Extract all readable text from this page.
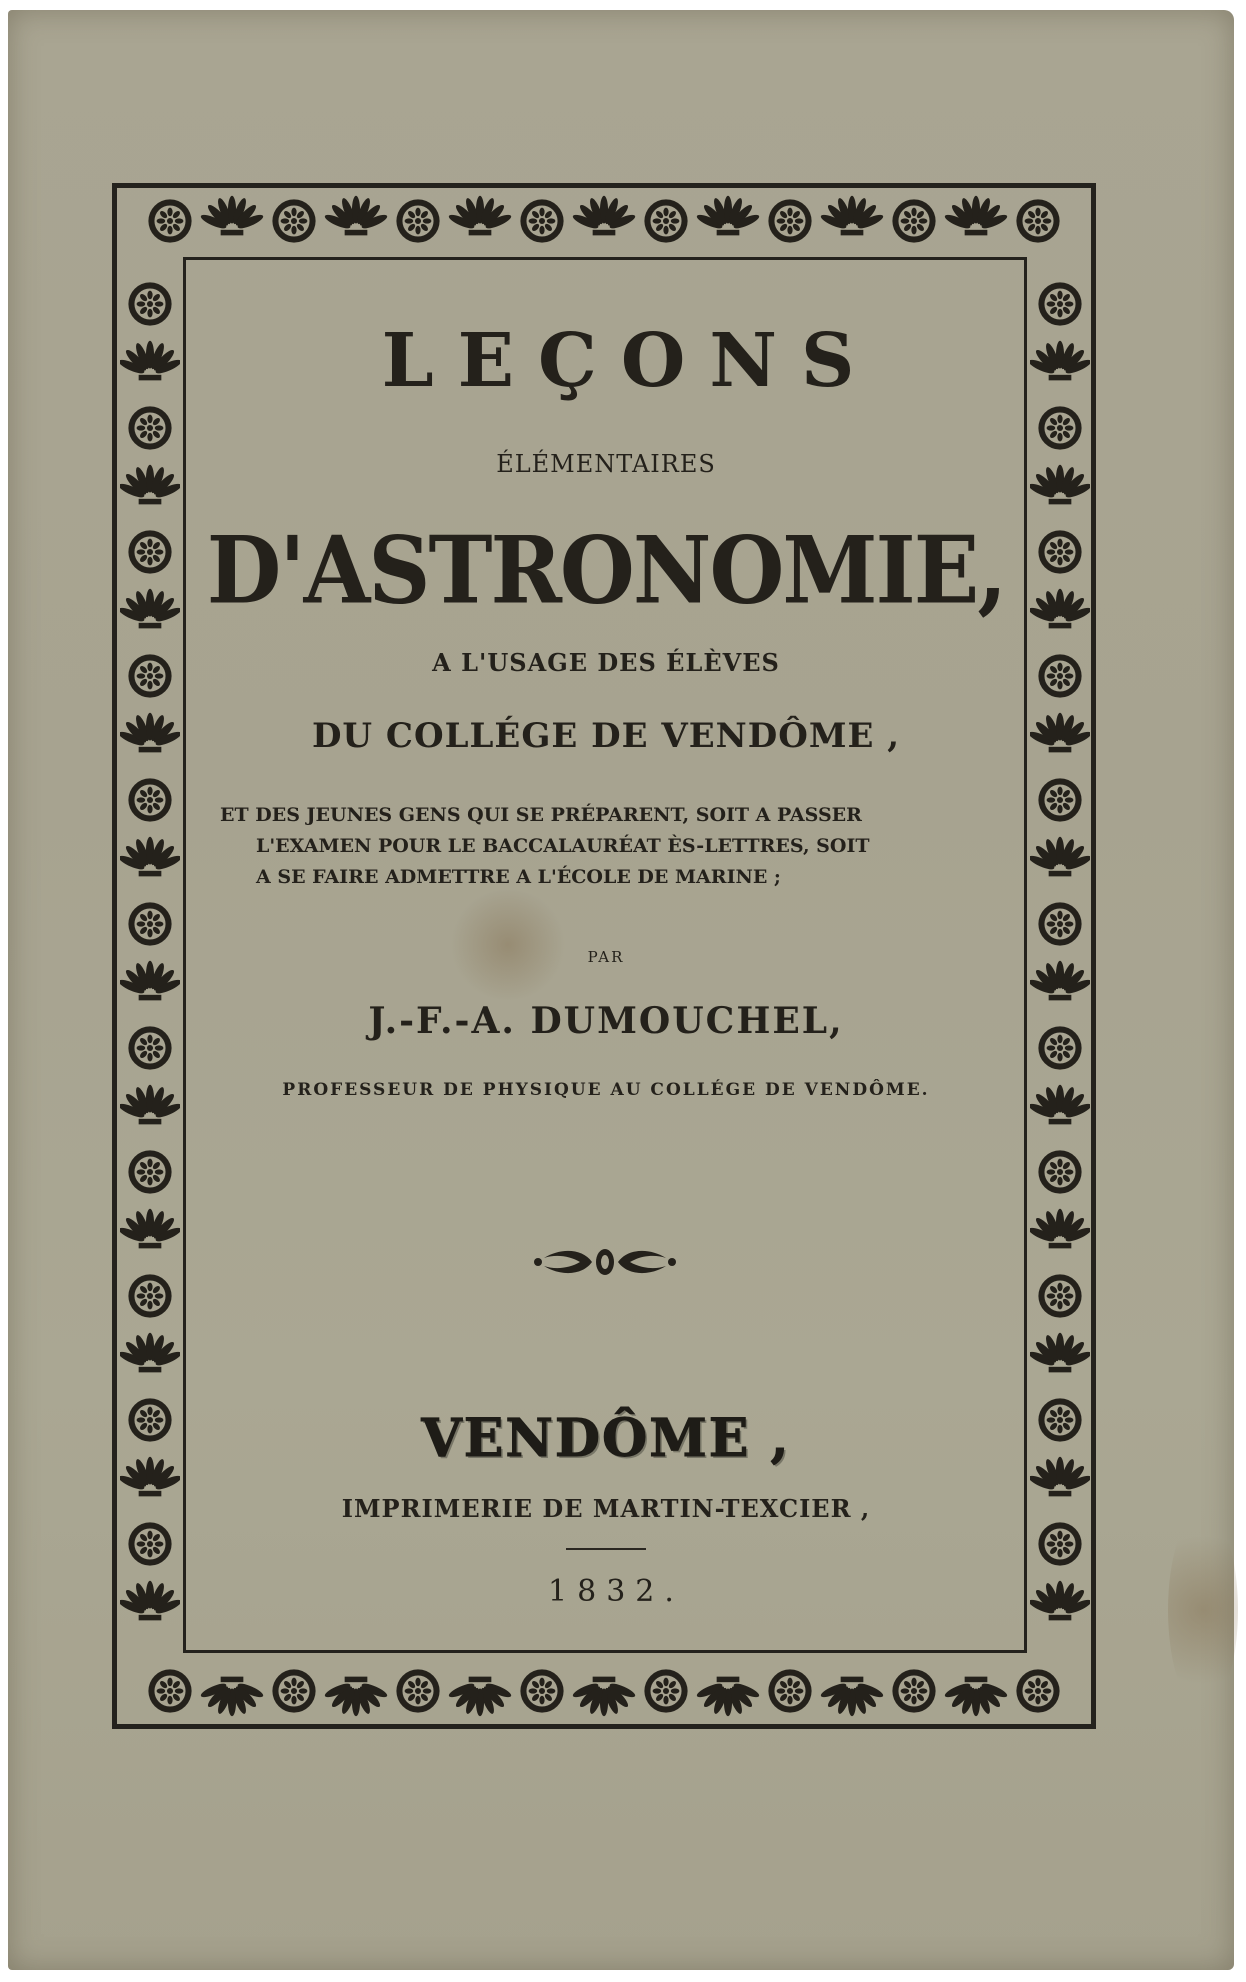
LEÇONS
ÉLÉMENTAIRES
D'ASTRONOMIE,
A L'USAGE DES ÉLÈVES
DU COLLÉGE DE VENDÔME ,
ET DES JEUNES GENS QUI SE PRÉPARENT, SOIT A PASSER
L'EXAMEN POUR LE BACCALAURÉAT ÈS-LETTRES, SOIT
A SE FAIRE ADMETTRE A L'ÉCOLE DE MARINE ;
PAR
J.-F.-A. DUMOUCHEL,
PROFESSEUR DE PHYSIQUE AU COLLÉGE DE VENDÔME.
VENDÔME ,
IMPRIMERIE DE MARTIN-TEXCIER ,
1832.
